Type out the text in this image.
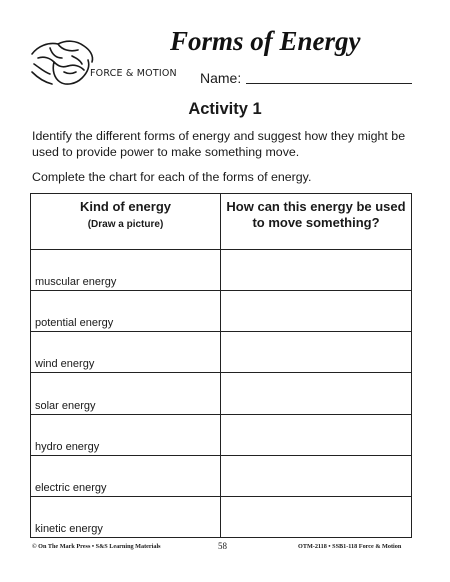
Forms of Energy
FORCE & MOTION Name:
Activity 1

Identify the different forms of energy and suggest how they might be used to provide power to make something move.

Complete the chart for each of the forms of energy.

Kind of energy
(Draw a picture)	How can this energy be used to move something?

muscular energy	

potential energy	

wind energy	

solar energy	

hydro energy	

electric energy	

kinetic energy	

© On The Mark Press • S&S Learning Materials	58	OTM-2118 • SSB1-118 Force & Motion
